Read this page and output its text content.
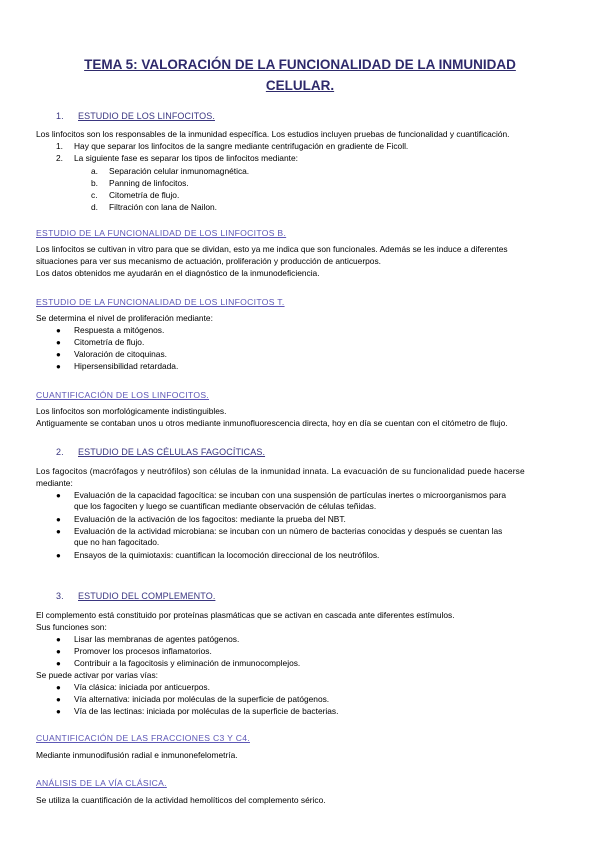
TEMA 5: VALORACIÓN DE LA FUNCIONALIDAD DE LA INMUNIDAD
CELULAR.
1. ESTUDIO DE LOS LINFOCITOS.
Los linfocitos son los responsables de la inmunidad específica. Los estudios incluyen pruebas de funcionalidad y cuantificación.
1. Hay que separar los linfocitos de la sangre mediante centrifugación en gradiente de Ficoll.
2. La siguiente fase es separar los tipos de linfocitos mediante:
a. Separación celular inmunomagnética.
b. Panning de linfocitos.
c. Citometría de flujo.
d. Filtración con lana de Nailon.
ESTUDIO DE LA FUNCIONALIDAD DE LOS LINFOCITOS B.
Los linfocitos se cultivan in vitro para que se dividan, esto ya me indica que son funcionales. Además se les induce a diferentes
situaciones para ver sus mecanismo de actuación, proliferación y producción de anticuerpos.
Los datos obtenidos me ayudarán en el diagnóstico de la inmunodeficiencia.
ESTUDIO DE LA FUNCIONALIDAD DE LOS LINFOCITOS T.
Se determina el nivel de proliferación mediante:
●	Respuesta a mitógenos.
●	Citometría de flujo.
●	Valoración de citoquinas.
●	Hipersensibilidad retardada.
CUANTIFICACIÓN DE LOS LINFOCITOS.
Los linfocitos son morfológicamente indistinguibles.
Antiguamente se contaban unos u otros mediante inmunofluorescencia directa, hoy en día se cuentan con el citómetro de flujo.
2. ESTUDIO DE LAS CÉLULAS FAGOCÍTICAS.
Los fagocitos (macrófagos y neutrófilos) son células de la inmunidad innata. La evacuación de su funcionalidad puede hacerse
mediante:
●	Evaluación de la capacidad fagocítica: se incuban con una suspensión de partículas inertes o microorganismos para
que los fagociten y luego se cuantifican mediante observación de células teñidas.
●	Evaluación de la activación de los fagocitos: mediante la prueba del NBT.
●	Evaluación de la actividad microbiana: se incuban con un número de bacterias conocidas y después se cuentan las
que no han fagocitado.
●	Ensayos de la quimiotaxis: cuantifican la locomoción direccional de los neutrófilos.
3. ESTUDIO DEL COMPLEMENTO.
El complemento está constituido por proteínas plasmáticas que se activan en cascada ante diferentes estímulos.
Sus funciones son:
●	Lisar las membranas de agentes patógenos.
●	Promover los procesos inflamatorios.
●	Contribuir a la fagocitosis y eliminación de inmunocomplejos.
Se puede activar por varias vías:
●	Vía clásica: iniciada por anticuerpos.
●	Vía alternativa: iniciada por moléculas de la superficie de patógenos.
●	Vía de las lectinas: iniciada por moléculas de la superficie de bacterias.
CUANTIFICACIÓN DE LAS FRACCIONES C3 Y C4.
Mediante inmunodifusión radial e inmunonefelometría.
ANÁLISIS DE LA VÍA CLÁSICA.
Se utiliza la cuantificación de la actividad hemolíticos del complemento sérico.
